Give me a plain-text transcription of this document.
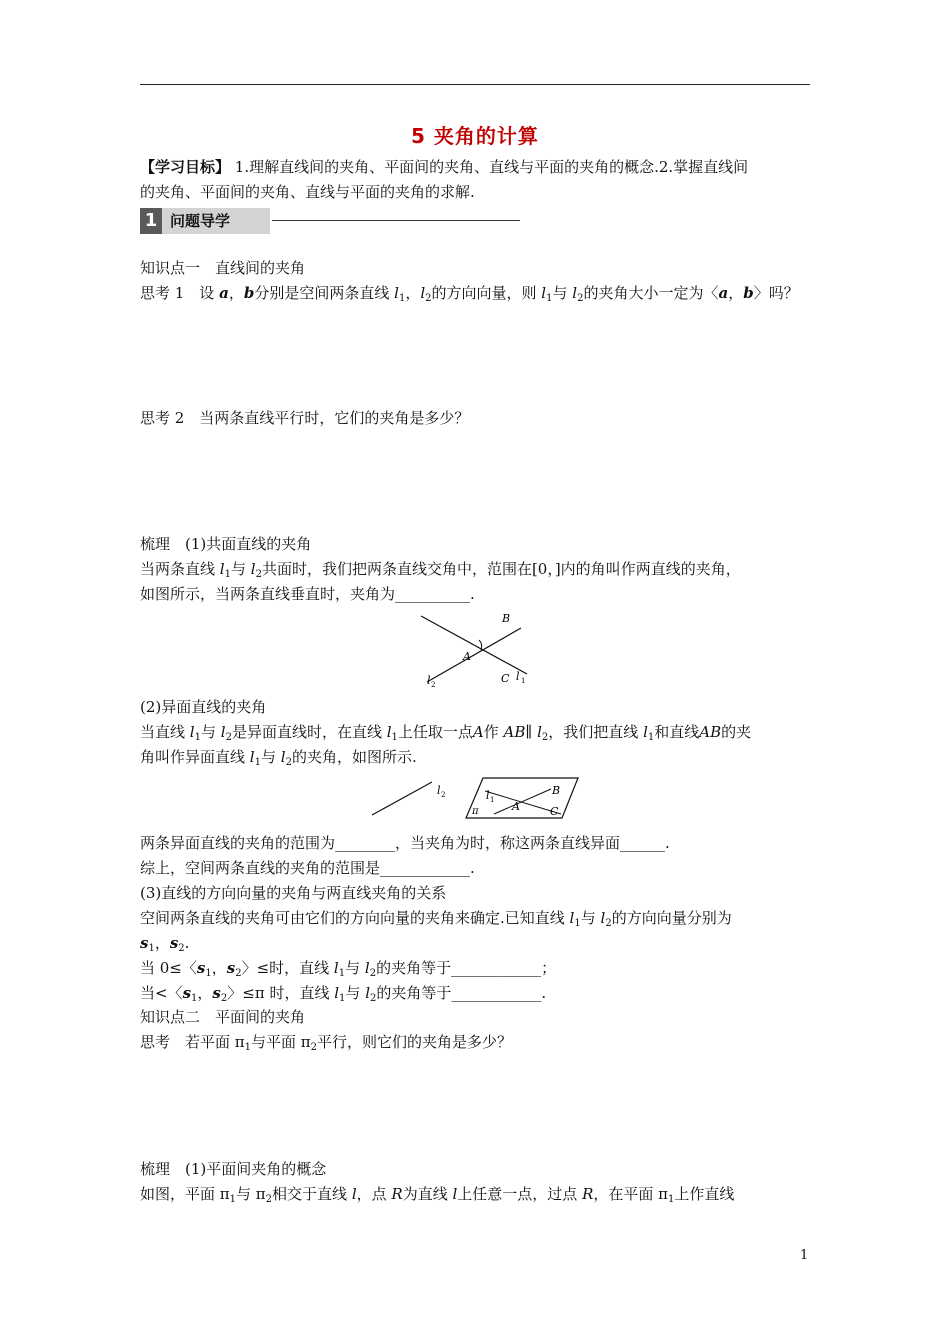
5 夹角的计算
【学习目标】 1.理解直线间的夹角、平面间的夹角、直线与平面的夹角的概念.2.掌握直线间
的夹角、平面间的夹角、直线与平面的夹角的求解.
1 问题导学
知识点一　直线间的夹角
思考 1　设 a，b分别是空间两条直线 $l_1$，$l_2$的方向向量，则 $l_1$与 $l_2$的夹角大小一定为〈a，b〉吗？
思考 2　当两条直线平行时，它们的夹角是多少？
梳理　(1)共面直线的夹角
当两条直线 $l_1$与 $l_2$共面时，我们把两条直线交角中，范围在[0，]内的角叫作两直线的夹角，
如图所示，当两条直线垂直时，夹角为__________.
B
A
C l 1
l 2
(2)异面直线的夹角
当直线 $l_1$与 $l_2$是异面直线时，在直线 $l_1$上任取一点A作 AB∥ $l_2$，我们把直线 $l_1$和直线AB的夹
角叫作异面直线 $l_1$与 $l_2$的夹角，如图所示.
l 2	l 1
B
A	C
π
两条异面直线的夹角的范围为________，当夹角为时，称这两条直线异面______.
综上，空间两条直线的夹角的范围是____________.
(3)直线的方向向量的夹角与两直线夹角的关系
空间两条直线的夹角可由它们的方向向量的夹角来确定.已知直线 $l_1$与 $l_2$的方向向量分别为
$s_1$，$s_2$.
当 0≤〈$s_1$，$s_2$〉≤时，直线 $l_1$与 $l_2$的夹角等于____________；
当<〈$s_1$，$s_2$〉≤π 时，直线 $l_1$与 $l_2$的夹角等于____________.
知识点二　平面间的夹角
思考　若平面 $\pi_1$与平面 $\pi_2$平行，则它们的夹角是多少？
梳理　(1)平面间夹角的概念
如图，平面 $\pi_1$与 $\pi_2$相交于直线 l，点 R为直线 l上任意一点，过点 R，在平面 $\pi_1$上作直线
1
